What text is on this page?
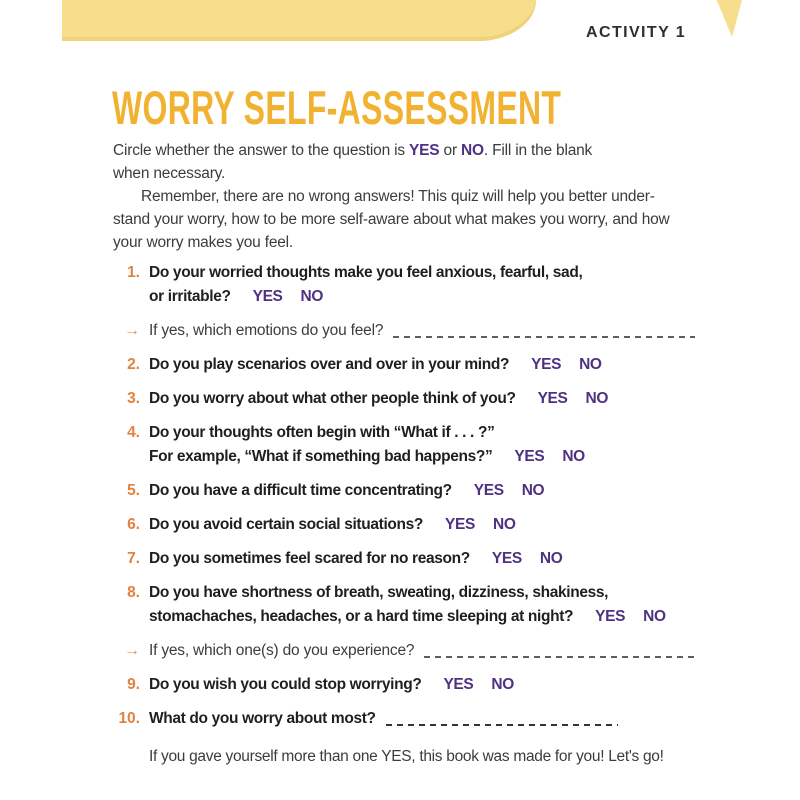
ACTIVITY 1
WORRY SELF-ASSESSMENT
Circle whether the answer to the question is YES or NO. Fill in the blank
when necessary.
Remember, there are no wrong answers! This quiz will help you better under-
stand your worry, how to be more self-aware about what makes you worry, and how
your worry makes you feel.
1. Do your worried thoughts make you feel anxious, fearful, sad,
or irritable? YES NO
→ If yes, which emotions do you feel?
2. Do you play scenarios over and over in your mind? YES NO
3. Do you worry about what other people think of you? YES NO
4. Do your thoughts often begin with “What if . . . ?”
For example, “What if something bad happens?” YES NO
5. Do you have a difficult time concentrating? YES NO
6. Do you avoid certain social situations? YES NO
7. Do you sometimes feel scared for no reason? YES NO
8. Do you have shortness of breath, sweating, dizziness, shakiness,
stomachaches, headaches, or a hard time sleeping at night? YES NO
→ If yes, which one(s) do you experience?
9. Do you wish you could stop worrying? YES NO
10. What do you worry about most?
If you gave yourself more than one YES, this book was made for you! Let's go!
